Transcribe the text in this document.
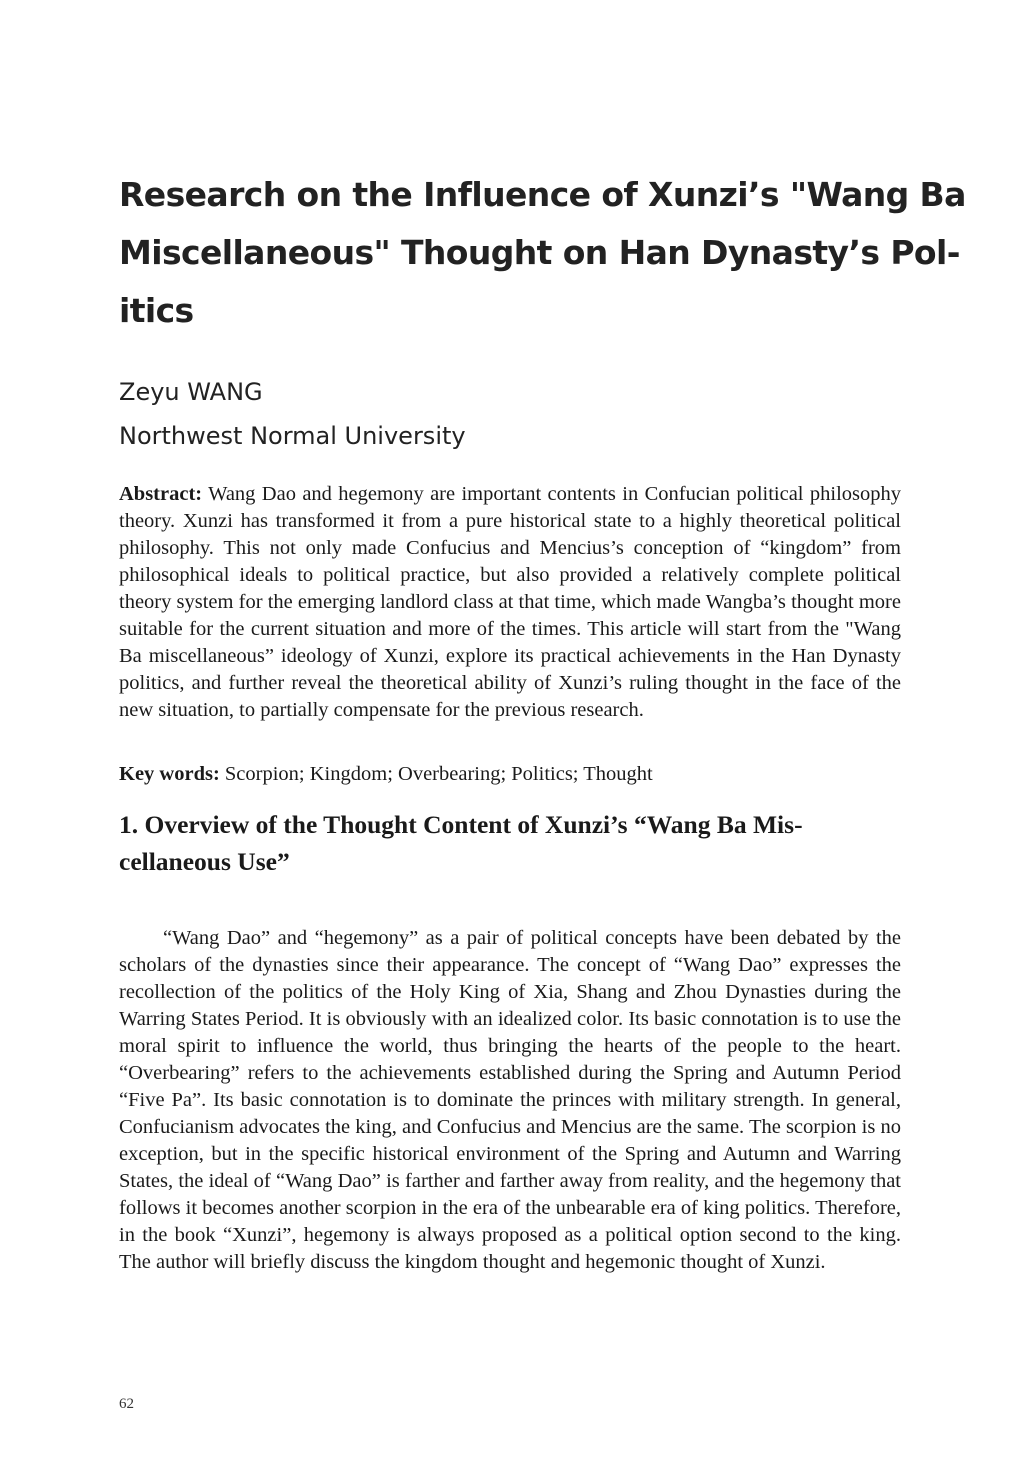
Research on the Influence of Xunzi’s "Wang Ba
Miscellaneous" Thought on Han Dynasty’s Pol-
itics
Zeyu WANG
Northwest Normal University

Abstract: Wang Dao and hegemony are important contents in Confucian political philosophy theory. Xunzi has transformed it from a pure historical state to a highly theoretical political philosophy. This not only made Confucius and Mencius’s conception of “kingdom” from philosophical ideals to political practice, but also provided a relatively complete political theory system for the emerging landlord class at that time, which made Wangba’s thought more suitable for the current situation and more of the times. This article will start from the "Wang Ba miscellaneous” ideology of Xunzi, explore its practical achievements in the Han Dynasty politics, and further reveal the theoretical ability of Xunzi’s ruling thought in the face of the new situation, to partially compensate for the previous research.

Key words: Scorpion; Kingdom; Overbearing; Politics; Thought

1. Overview of the Thought Content of Xunzi’s “Wang Ba Mis-
cellaneous Use”

“Wang Dao” and “hegemony” as a pair of political concepts have been debated by the scholars of the dynasties since their appearance. The concept of “Wang Dao” expresses the recollection of the politics of the Holy King of Xia, Shang and Zhou Dynasties during the Warring States Period. It is obviously with an idealized color. Its basic connotation is to use the moral spirit to influence the world, thus bringing the hearts of the people to the heart. “Overbearing” refers to the achievements established during the Spring and Autumn Period “Five Pa”. Its basic connotation is to dominate the princes with military strength. In general, Confucianism advocates the king, and Confucius and Mencius are the same. The scorpion is no exception, but in the specific historical environment of the Spring and Autumn and Warring States, the ideal of “Wang Dao” is farther and farther away from reality, and the hegemony that follows it becomes another scorpion in the era of the unbearable era of king politics. Therefore, in the book “Xunzi”, hegemony is always proposed as a political option second to the king. The author will briefly discuss the kingdom thought and hegemonic thought of Xunzi.

62
